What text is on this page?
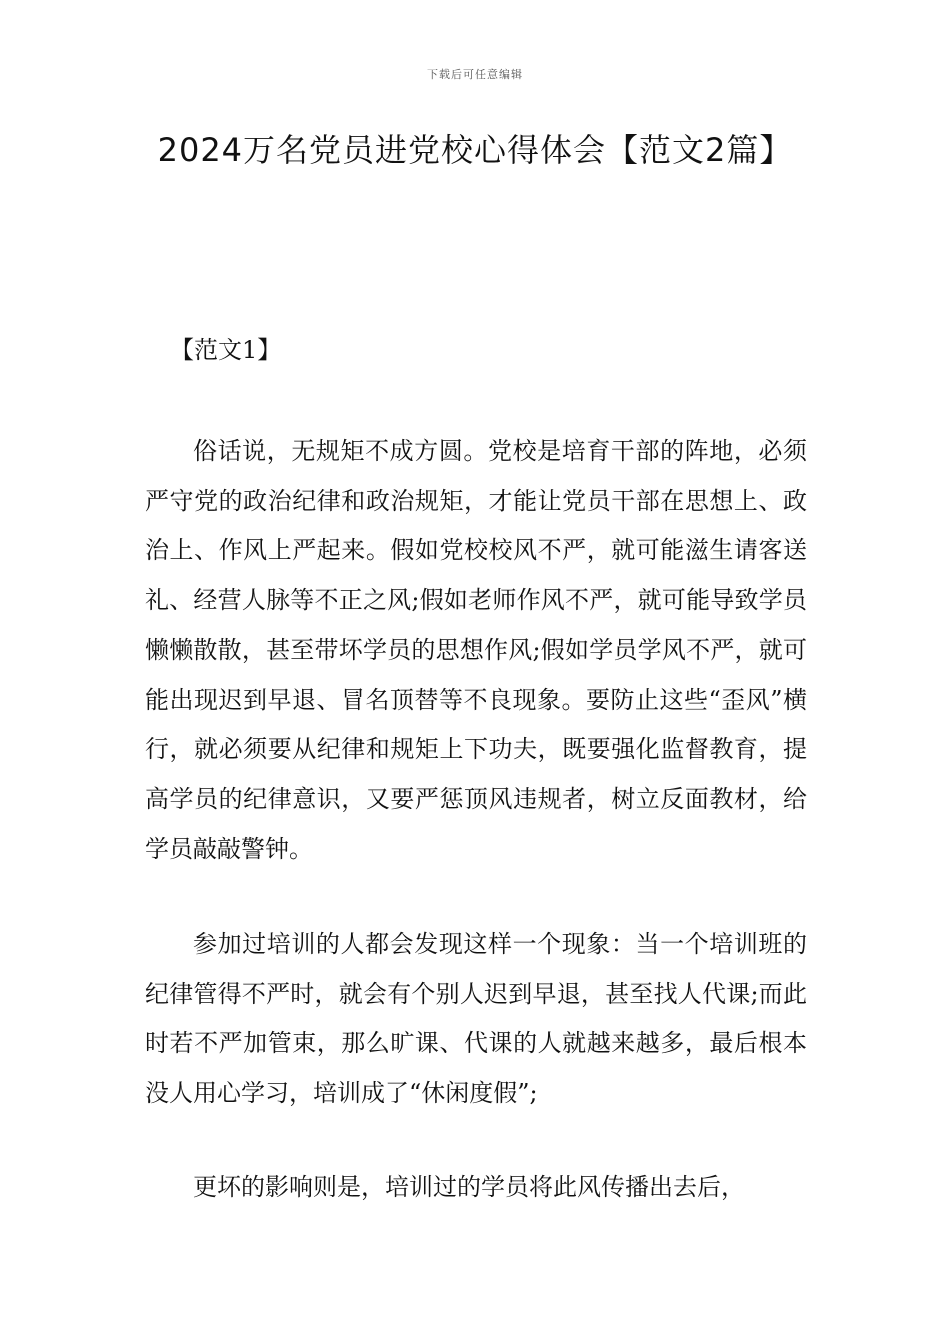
下载后可任意编辑
2024万名党员进党校心得体会【范文2篇】
【范文1】

俗话说，无规矩不成方圆。党校是培育干部的阵地，必须严守党的政治纪律和政治规矩，才能让党员干部在思想上、政治上、作风上严起来。假如党校校风不严，就可能滋生请客送礼、经营人脉等不正之风;假如老师作风不严，就可能导致学员懒懒散散，甚至带坏学员的思想作风;假如学员学风不严，就可能出现迟到早退、冒名顶替等不良现象。要防止这些“歪风”横行，就必须要从纪律和规矩上下功夫，既要强化监督教育，提高学员的纪律意识，又要严惩顶风违规者，树立反面教材，给学员敲敲警钟。

参加过培训的人都会发现这样一个现象：当一个培训班的纪律管得不严时，就会有个别人迟到早退，甚至找人代课;而此时若不严加管束，那么旷课、代课的人就越来越多，最后根本没人用心学习，培训成了“休闲度假”;

更坏的影响则是，培训过的学员将此风传播出去后，
